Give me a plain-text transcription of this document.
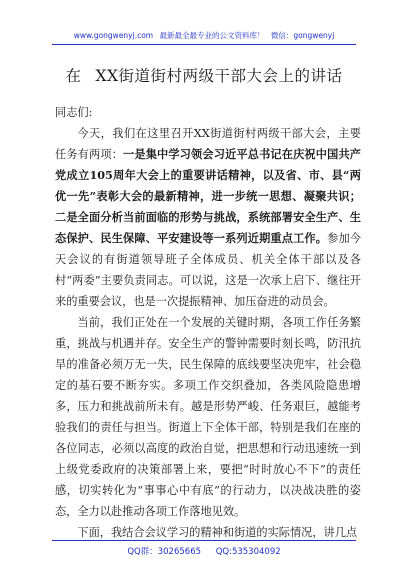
www.gongwenyj.com 最新最全最专业的公文资料库！ 微信：gongwenyj
在 XX街道街村两级干部大会上的讲话

同志们:

今天，我们在这里召开XX街道街村两级干部大会，主要任务有两项：一是集中学习领会习近平总书记在庆祝中国共产党成立105周年大会上的重要讲话精神，以及省、市、县“两优一先”表彰大会的最新精神，进一步统一思想、凝聚共识；二是全面分析当前面临的形势与挑战，系统部署安全生产、生态保护、民生保障、平安建设等一系列近期重点工作。参加今天会议的有街道领导班子全体成员、机关全体干部以及各村“两委”主要负责同志。可以说，这是一次承上启下、继往开来的重要会议，也是一次提振精神、加压奋进的动员会。

当前，我们正处在一个发展的关键时期，各项工作任务繁重，挑战与机遇并存。安全生产的警钟需要时刻长鸣，防汛抗旱的准备必须万无一失，民生保障的底线要坚决兜牢，社会稳定的基石要不断夯实。多项工作交织叠加，各类风险隐患增多，压力和挑战前所未有。越是形势严峻、任务艰巨，越能考验我们的责任与担当。街道上下全体干部，特别是我们在座的各位同志，必须以高度的政治自觉，把思想和行动迅速统一到上级党委政府的决策部署上来，要把“时时放心不下”的责任感，切实转化为“事事心中有底”的行动力，以决战决胜的姿态，全力以赴推动各项工作落地见效。

下面，我结合会议学习的精神和街道的实际情况，讲几点

QQ群：30265665 QQ:535304092
